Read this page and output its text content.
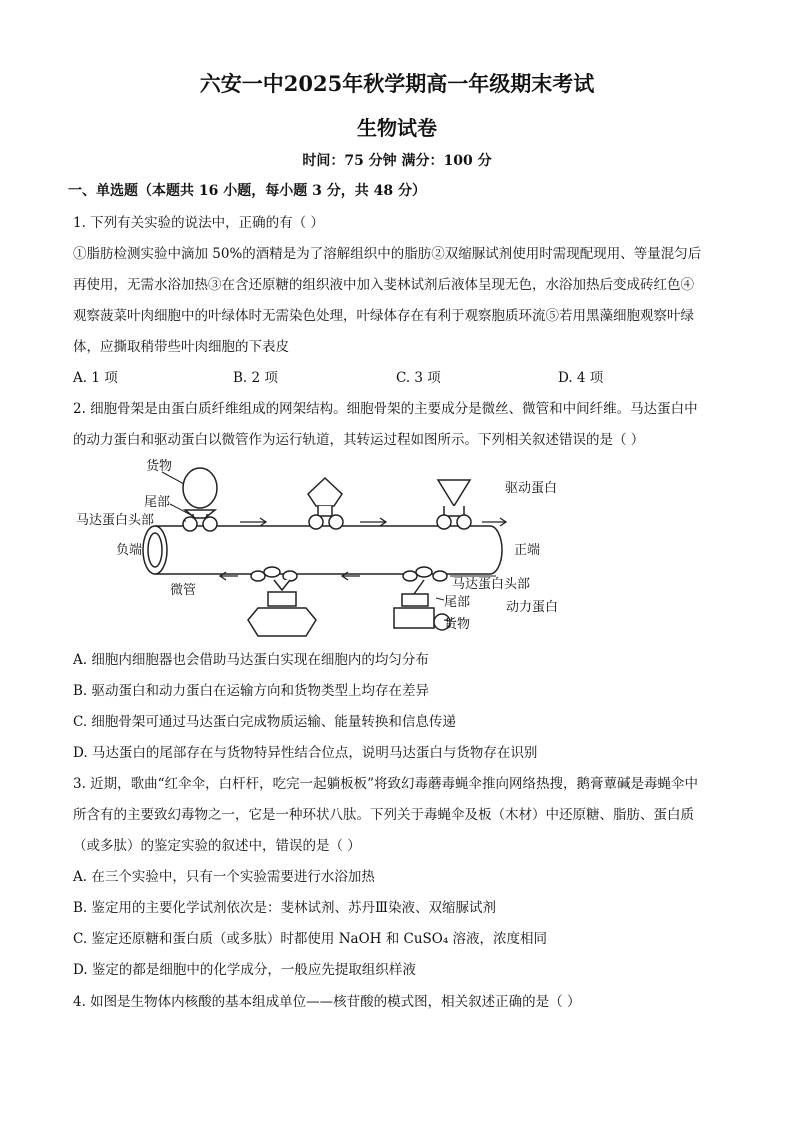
六安一中2025年秋学期高一年级期末考试
生物试卷
时间：75 分钟 满分：100 分
一、单选题（本题共 16 小题，每小题 3 分，共 48 分）
1. 下列有关实验的说法中，正确的有（ ）
①脂肪检测实验中滴加 50%的酒精是为了溶解组织中的脂肪②双缩脲试剂使用时需现配现用、等量混匀后
再使用，无需水浴加热③在含还原糖的组织液中加入斐林试剂后液体呈现无色，水浴加热后变成砖红色④
观察菠菜叶肉细胞中的叶绿体时无需染色处理，叶绿体存在有利于观察胞质环流⑤若用黑藻细胞观察叶绿
体，应撕取稍带些叶肉细胞的下表皮
A. 1 项	B. 2 项	C. 3 项	D. 4 项
2. 细胞骨架是由蛋白质纤维组成的网架结构。细胞骨架的主要成分是微丝、微管和中间纤维。马达蛋白中
的动力蛋白和驱动蛋白以微管作为运行轨道，其转运过程如图所示。下列相关叙述错误的是（ ）
货物
尾部
马达蛋白头部
负端
微管
驱动蛋白
正端
马达蛋白头部
尾部	动力蛋白
货物
A. 细胞内细胞器也会借助马达蛋白实现在细胞内的均匀分布
B. 驱动蛋白和动力蛋白在运输方向和货物类型上均存在差异
C. 细胞骨架可通过马达蛋白完成物质运输、能量转换和信息传递
D. 马达蛋白的尾部存在与货物特异性结合位点，说明马达蛋白与货物存在识别
3. 近期，歌曲“红伞伞，白杆杆，吃完一起躺板板”将致幻毒蘑毒蝇伞推向网络热搜，鹅膏蕈碱是毒蝇伞中
所含有的主要致幻毒物之一，它是一种环状八肽。下列关于毒蝇伞及板（木材）中还原糖、脂肪、蛋白质
（或多肽）的鉴定实验的叙述中，错误的是（ ）
A. 在三个实验中，只有一个实验需要进行水浴加热
B. 鉴定用的主要化学试剂依次是：斐林试剂、苏丹Ⅲ染液、双缩脲试剂
C. 鉴定还原糖和蛋白质（或多肽）时都使用 NaOH 和 CuSO₄ 溶液，浓度相同
D. 鉴定的都是细胞中的化学成分，一般应先提取组织样液
4. 如图是生物体内核酸的基本组成单位——核苷酸的模式图，相关叙述正确的是（ ）
